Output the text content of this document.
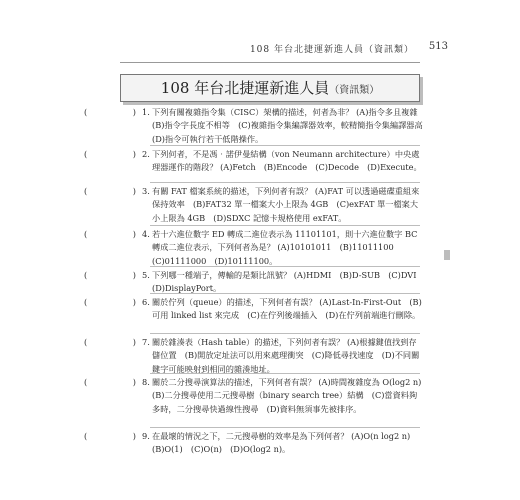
108 年台北捷運新進人員（資訊類） 513
108 年台北捷運新進人員（資訊類）
(	) 1. 下列有關複雜指令集（CISC）架構的描述，何者為非？ (A)指令多且複雜　(B)指令字長度不相等　(C)複雜指令集編譯器效率，較精簡指令集編譯器高　(D)指令可執行若干低階操作。
(	) 2. 下列何者，不是馮‧諾伊曼結構（von Neumann architecture）中央處理器運作的階段？ (A)Fetch　(B)Encode　(C)Decode　(D)Execute。
(	) 3. 有關 FAT 檔案系統的描述，下列何者有誤？ (A)FAT 可以透過磁碟重組來保持效率　(B)FAT32 單一檔案大小上限為 4GB　(C)exFAT 單一檔案大小上限為 4GB　(D)SDXC 記憶卡規格使用 exFAT。
(	) 4. 若十六進位數字 ED 轉成二進位表示為 11101101，則十六進位數字 BC 轉成二進位表示，下列何者為是？ (A)10101011　(B)11011100　(C)01111000　(D)10111100。
(	) 5. 下列哪一種端子，傳輸的是類比訊號？ (A)HDMI　(B)D-SUB　(C)DVI　(D)DisplayPort。
(	) 6. 關於佇列（queue）的描述，下列何者有誤？ (A)Last-In-First-Out　(B)可用 linked list 來完成　(C)在佇列後端插入　(D)在佇列前端進行刪除。
(	) 7. 關於雜湊表（Hash table）的描述，下列何者有誤？ (A)根據鍵值找到存儲位置　(B)開放定址法可以用來處理衝突　(C)降低尋找速度　(D)不同關鍵字可能映射到相同的雜湊地址。
(	) 8. 關於二分搜尋演算法的描述，下列何者有誤？ (A)時間複雜度為 O(log2 n)　(B)二分搜尋使用二元搜尋樹（binary search tree）結構　(C)當資料夠多時，二分搜尋快過線性搜尋　(D)資料無須事先被排序。
(	) 9. 在最壞的情況之下，二元搜尋樹的效率是為下列何者？ (A)O(n log2 n)　(B)O(1)　(C)O(n)　(D)O(log2 n)。
